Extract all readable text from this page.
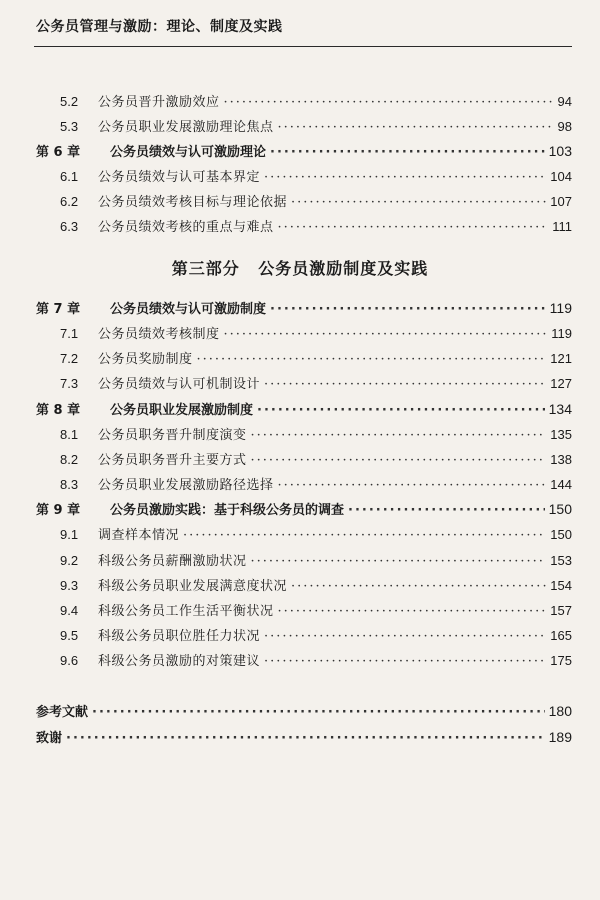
公务员管理与激励：理论、制度及实践
5.2	公务员晋升激励效应 ·····	94
5.3	公务员职业发展激励理论焦点 ·····	98
第 6 章	公务员绩效与认可激励理论 ·····	103
6.1	公务员绩效与认可基本界定 ·····	104
6.2	公务员绩效考核目标与理论依据 ·····	107
6.3	公务员绩效考核的重点与难点 ·····	111
第三部分 公务员激励制度及实践
第 7 章	公务员绩效与认可激励制度 ·····	119
7.1	公务员绩效考核制度 ·····	119
7.2	公务员奖励制度 ·····	121
7.3	公务员绩效与认可机制设计 ·····	127
第 8 章	公务员职业发展激励制度 ·····	134
8.1	公务员职务晋升制度演变 ·····	135
8.2	公务员职务晋升主要方式 ·····	138
8.3	公务员职业发展激励路径选择 ·····	144
第 9 章	公务员激励实践：基于科级公务员的调查 ·····	150
9.1	调查样本情况 ·····	150
9.2	科级公务员薪酬激励状况 ·····	153
9.3	科级公务员职业发展满意度状况 ·····	154
9.4	科级公务员工作生活平衡状况 ·····	157
9.5	科级公务员职位胜任力状况 ·····	165
9.6	科级公务员激励的对策建议 ·····	175
参考文献 ·····	180
致谢 ·····	189
